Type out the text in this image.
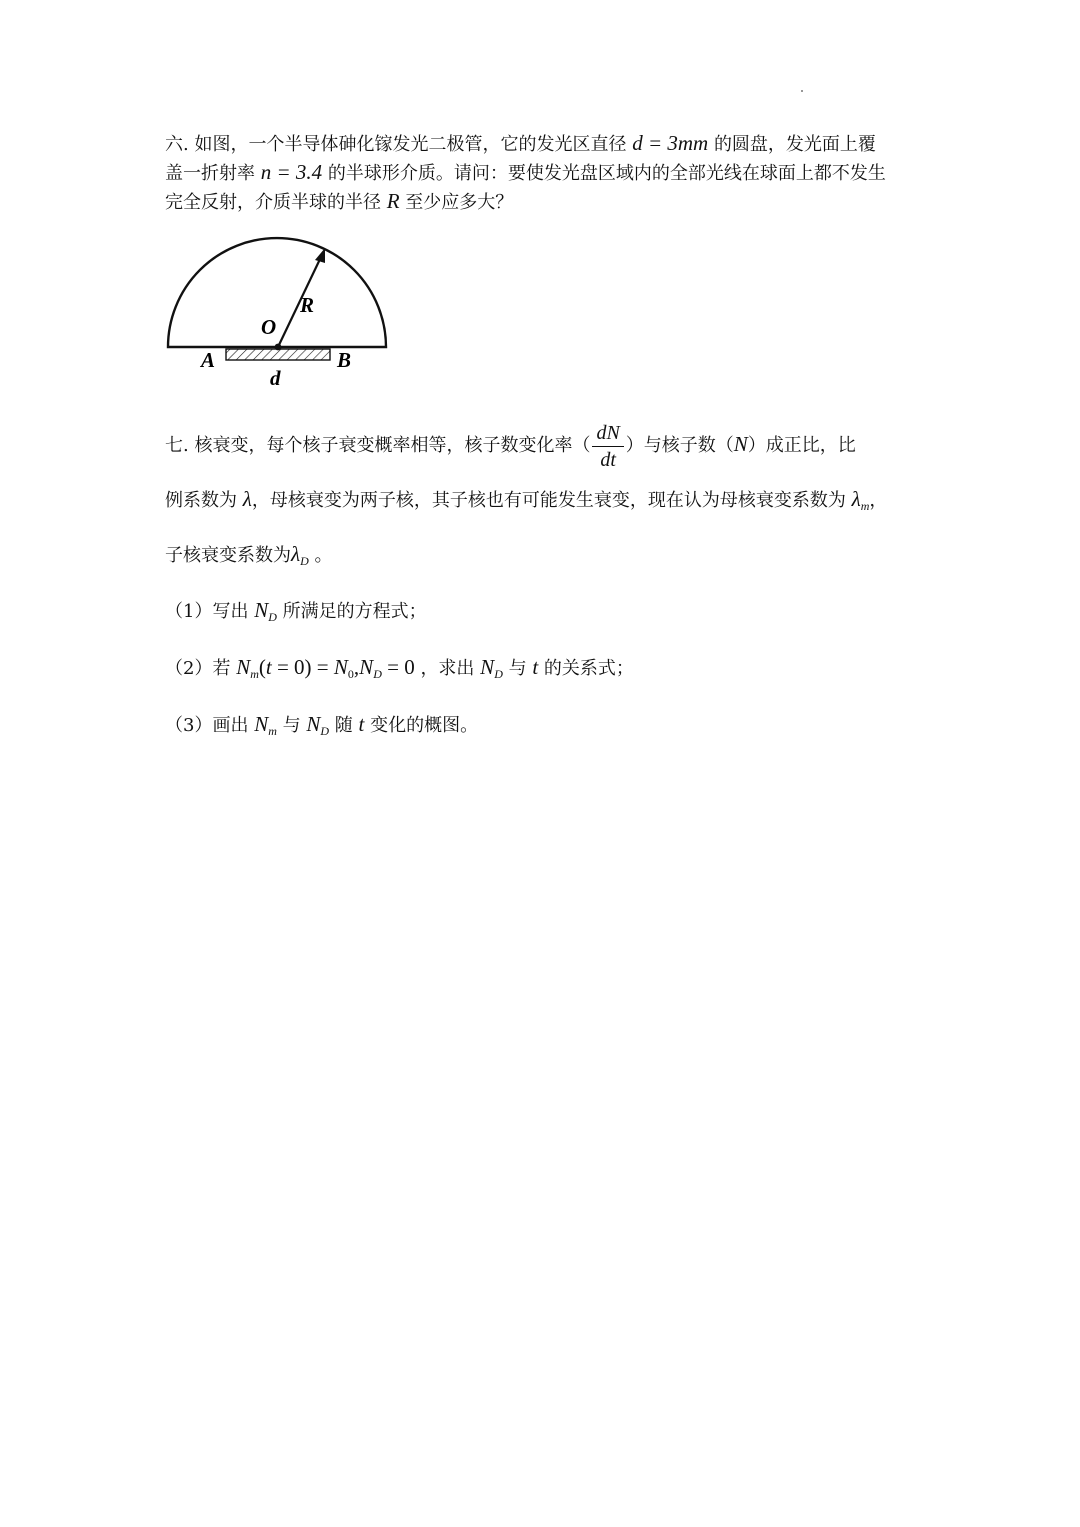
六. 如图，一个半导体砷化镓发光二极管，它的发光区直径 d = 3mm 的圆盘，发光面上覆
盖一折射率 n = 3.4 的半球形介质。请问：要使发光盘区域内的全部光线在球面上都不发生
完全反射，介质半球的半径 R 至少应多大？
R
O
A	B
d
七. 核衰变，每个核子衰变概率相等，核子数变化率（ $\frac{dN}{dt}$ ）与核子数（N）成正比，比
例系数为 λ，母核衰变为两子核，其子核也有可能发生衰变，现在认为母核衰变系数为 $\lambda_m$，
子核衰变系数为$\lambda_D$ 。
（1）写出 $N_D$ 所满足的方程式；
（2）若 $N_m(t = 0) = N_0,N_D = 0$ ，求出 $N_D$ 与 t 的关系式；
（3）画出 $N_m$ 与 $N_D$ 随 t 变化的概图。
